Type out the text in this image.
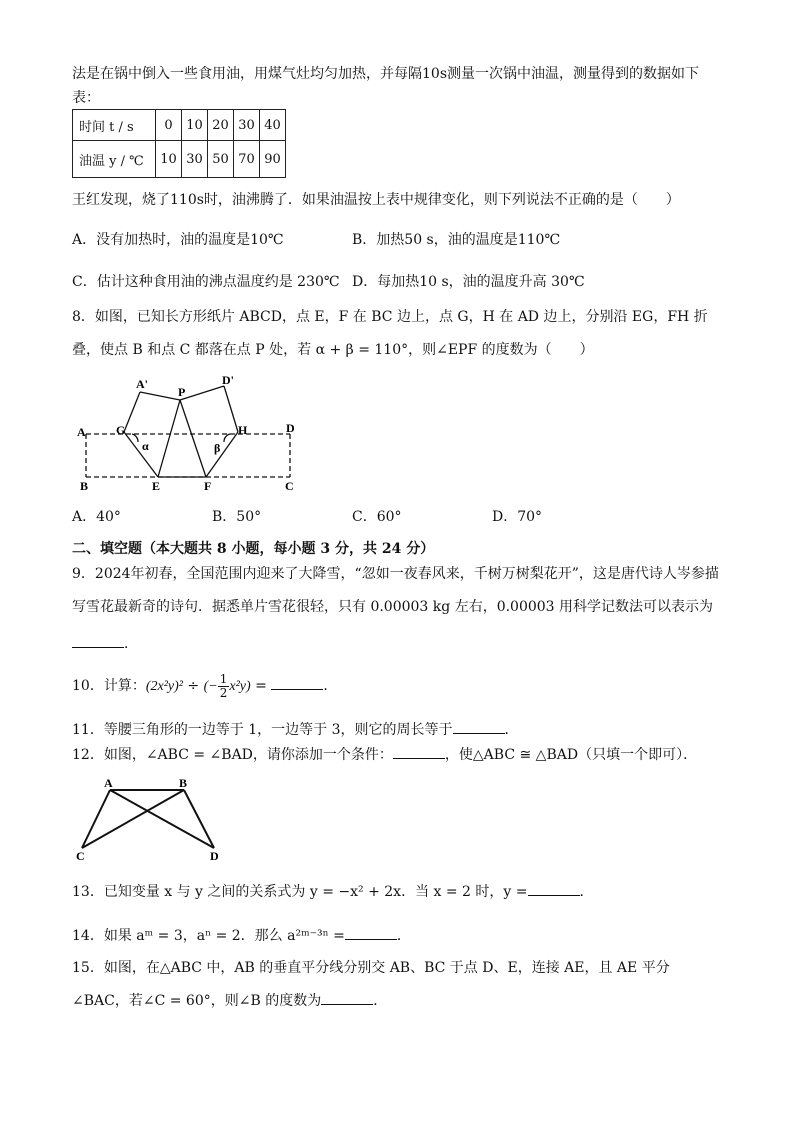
法是在锅中倒入一些食用油，用煤气灶均匀加热，并每隔10s测量一次锅中油温，测量得到的数据如下
表：
时间 t / s	0	10	20	30	40
油温 y / ℃	10	30	50	70	90
王红发现，烧了110s时，油沸腾了．如果油温按上表中规律变化，则下列说法不正确的是（　　）
A．没有加热时，油的温度是10℃	B．加热50 s，油的温度是110℃
C．估计这种食用油的沸点温度约是 230℃ D．每加热10 s，油的温度升高 30℃
8．如图，已知长方形纸片 ABCD，点 E，F 在 BC 边上，点 G，H 在 AD 边上，分别沿 EG，FH 折
叠，使点 B 和点 C 都落在点 P 处，若 α + β = 110°，则∠EPF 的度数为（　　）
A'	D'
P
A	G	H	D
α	β
B	E	F	C
A．40°	B．50°	C．60°	D．70°
二、填空题（本大题共 8 小题，每小题 3 分，共 24 分）
9．2024年初春，全国范围内迎来了大降雪，“忽如一夜春风来，千树万树梨花开”，这是唐代诗人岑参描
写雪花最新奇的诗句．据悉单片雪花很轻，只有 0.00003 kg 左右，0.00003 用科学记数法可以表示为
．
10．计算：(2x²y)² ÷ (− $\frac{1}{2} x^2y$) =	．
11．等腰三角形的一边等于 1，一边等于 3，则它的周长等于	．
12．如图，∠ABC = ∠BAD，请你添加一个条件：	，使△ABC ≅ △BAD（只填一个即可）．
A	B
C	D
13．已知变量 x 与 y 之间的关系式为 y = −x² + 2x．当 x = 2 时，y =	．
14．如果 aᵐ = 3，aⁿ = 2．那么 a²ᵐ⁻³ⁿ =	．
15．如图，在△ABC 中，AB 的垂直平分线分别交 AB、BC 于点 D、E，连接 AE，且 AE 平分
∠BAC，若∠C = 60°，则∠B 的度数为	．
